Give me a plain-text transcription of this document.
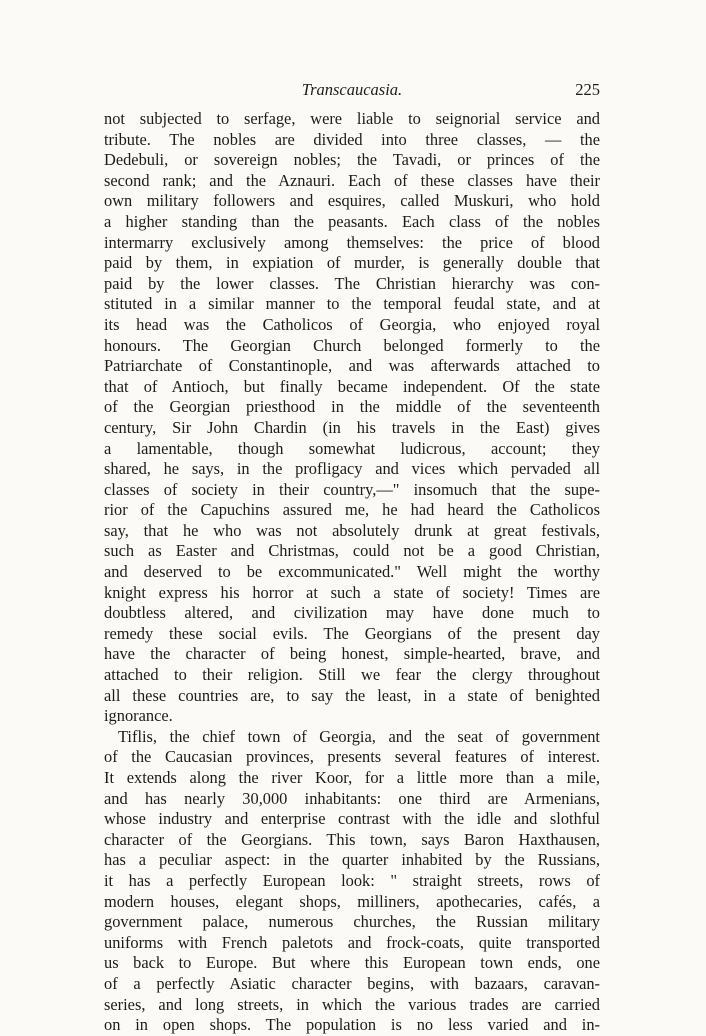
Transcaucasia.	225
not subjected to serfage, were liable to seignorial service and
tribute. The nobles are divided into three classes, — the
Dedebuli, or sovereign nobles; the Tavadi, or princes of the
second rank; and the Aznauri. Each of these classes have their
own military followers and esquires, called Muskuri, who hold
a higher standing than the peasants. Each class of the nobles
intermarry exclusively among themselves: the price of blood
paid by them, in expiation of murder, is generally double that
paid by the lower classes. The Christian hierarchy was con-
stituted in a similar manner to the temporal feudal state, and at
its head was the Catholicos of Georgia, who enjoyed royal
honours. The Georgian Church belonged formerly to the
Patriarchate of Constantinople, and was afterwards attached to
that of Antioch, but finally became independent. Of the state
of the Georgian priesthood in the middle of the seventeenth
century, Sir John Chardin (in his travels in the East) gives
a lamentable, though somewhat ludicrous, account; they
shared, he says, in the profligacy and vices which pervaded all
classes of society in their country,—" insomuch that the supe-
rior of the Capuchins assured me, he had heard the Catholicos
say, that he who was not absolutely drunk at great festivals,
such as Easter and Christmas, could not be a good Christian,
and deserved to be excommunicated." Well might the worthy
knight express his horror at such a state of society! Times are
doubtless altered, and civilization may have done much to
remedy these social evils. The Georgians of the present day
have the character of being honest, simple-hearted, brave, and
attached to their religion. Still we fear the clergy throughout
all these countries are, to say the least, in a state of benighted
ignorance.
Tiflis, the chief town of Georgia, and the seat of government
of the Caucasian provinces, presents several features of interest.
It extends along the river Koor, for a little more than a mile,
and has nearly 30,000 inhabitants: one third are Armenians,
whose industry and enterprise contrast with the idle and slothful
character of the Georgians. This town, says Baron Haxthausen,
has a peculiar aspect: in the quarter inhabited by the Russians,
it has a perfectly European look: " straight streets, rows of
modern houses, elegant shops, milliners, apothecaries, cafés, a
government palace, numerous churches, the Russian military
uniforms with French paletots and frock-coats, quite transported
us back to Europe. But where this European town ends, one
of a perfectly Asiatic character begins, with bazaars, caravan-
series, and long streets, in which the various trades are carried
on in open shops. The population is no less varied and in-
